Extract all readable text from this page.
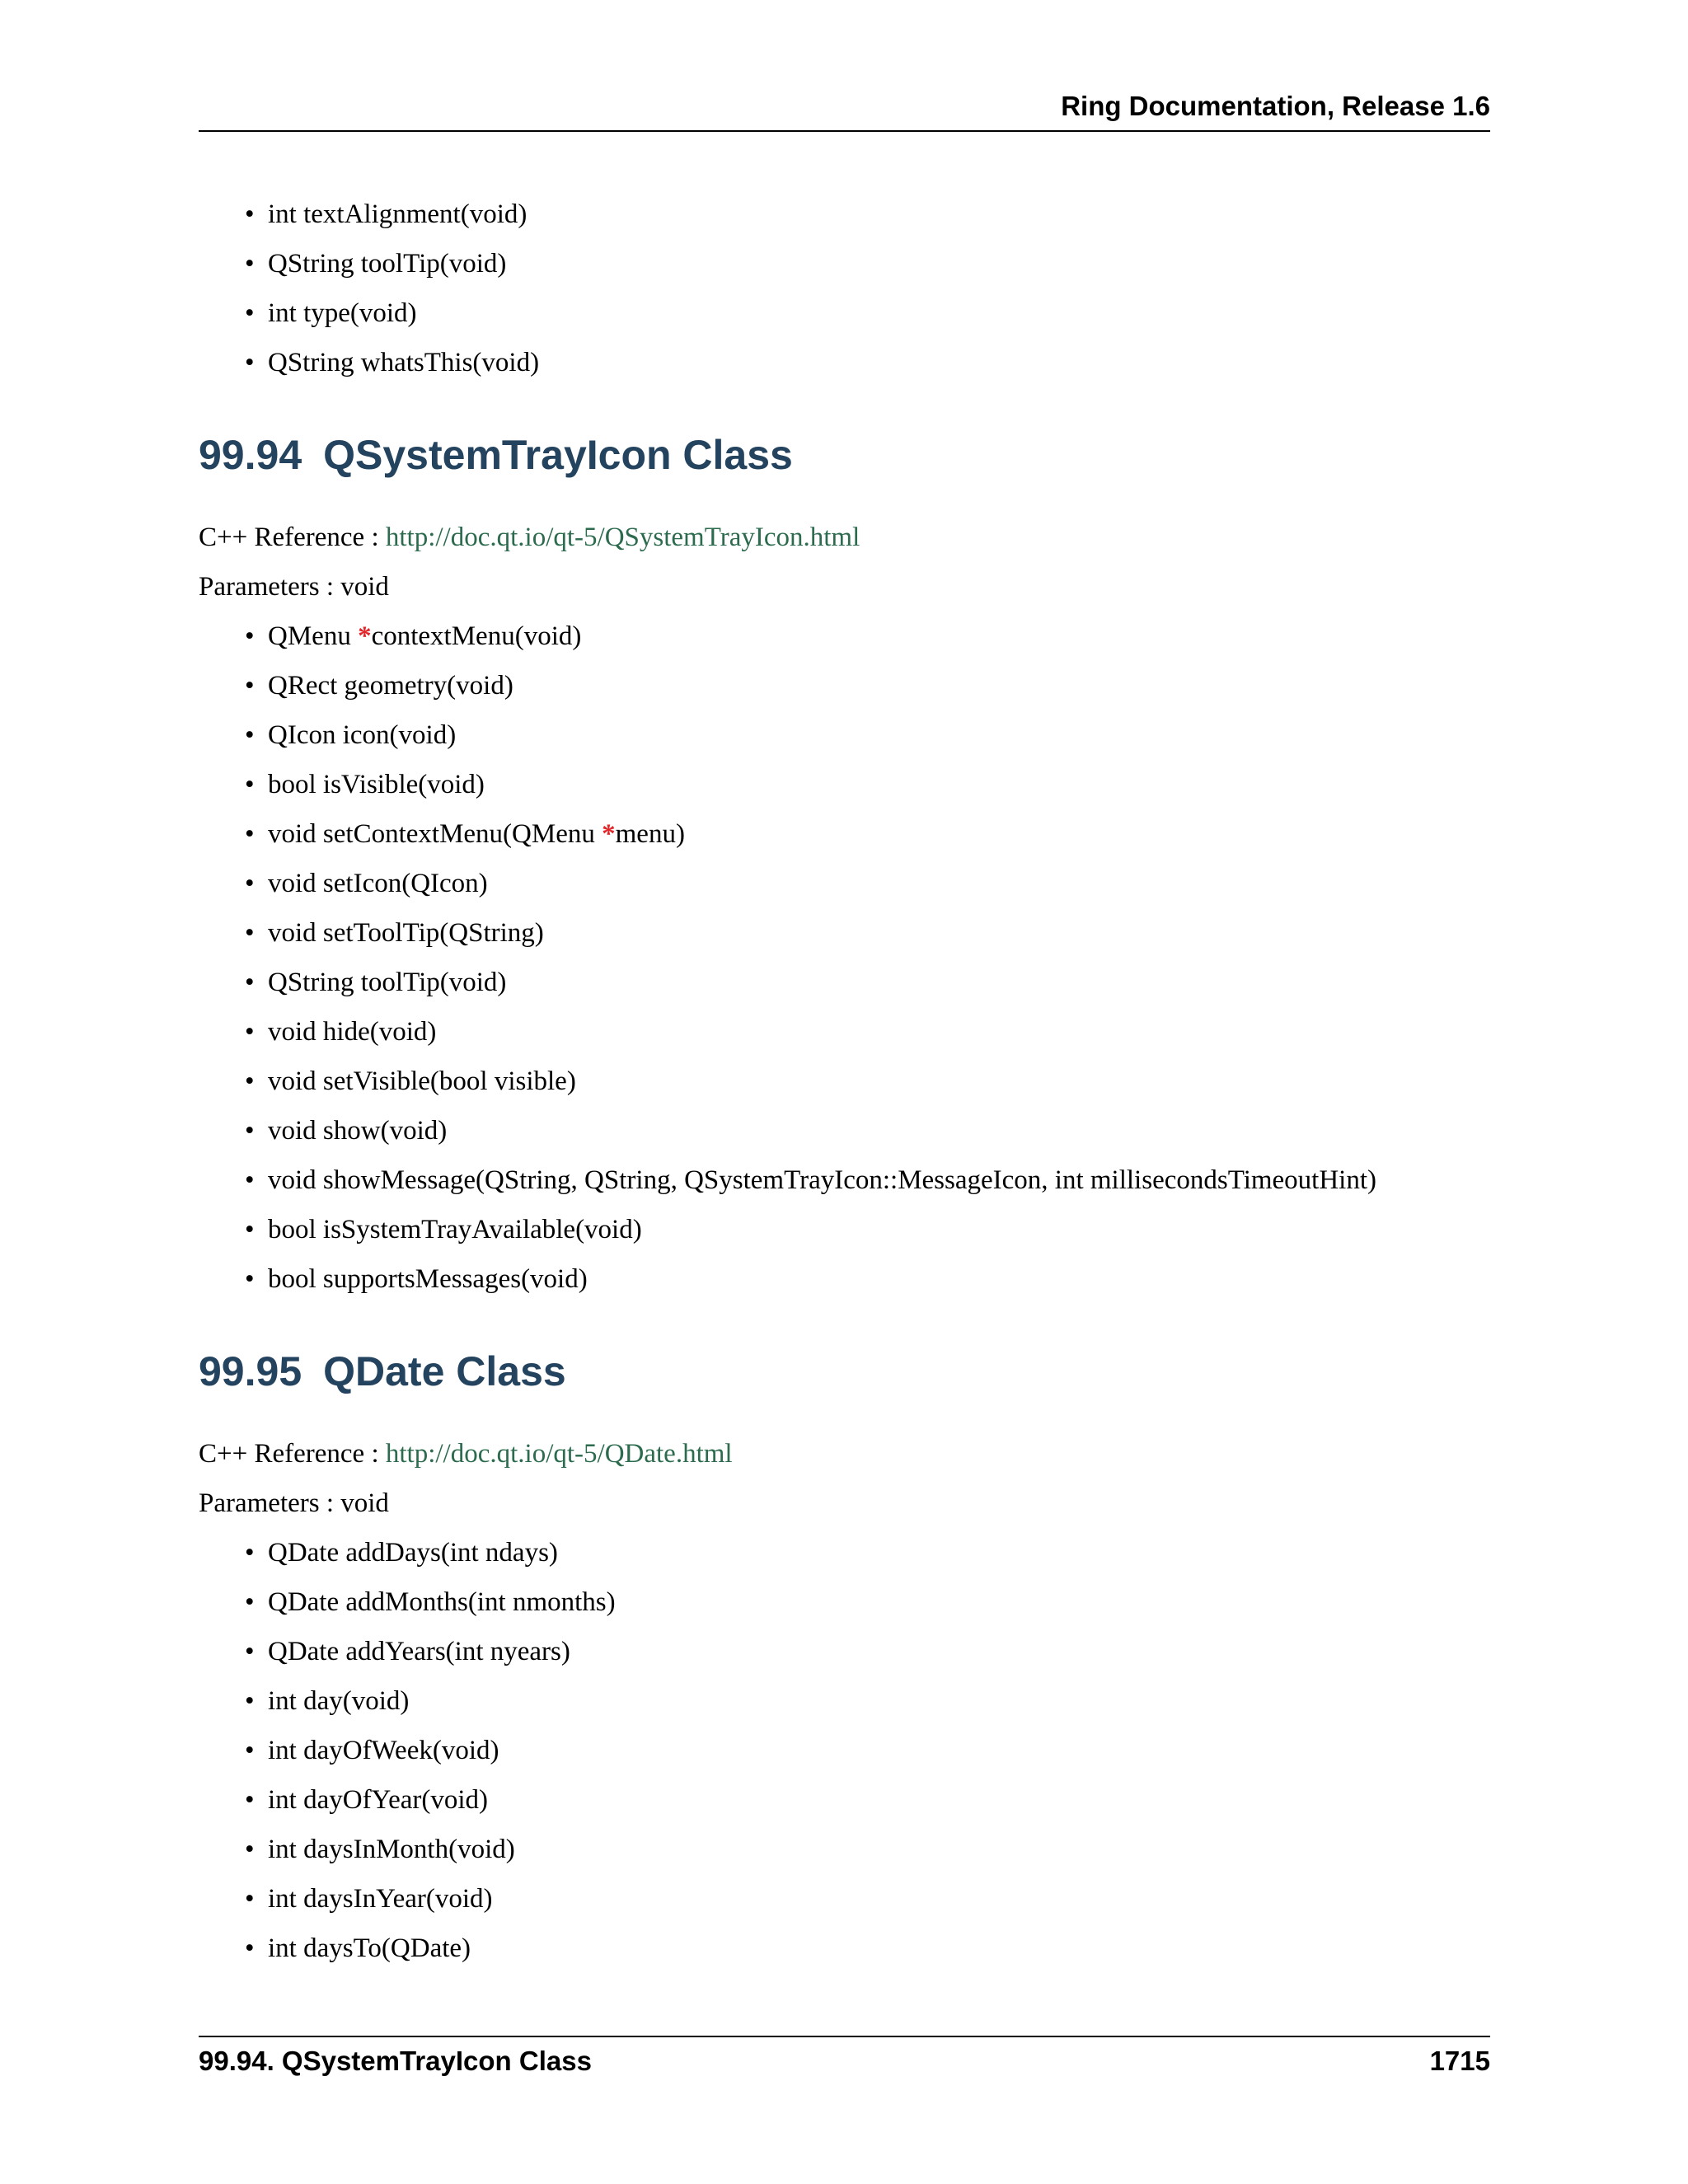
Ring Documentation, Release 1.6
• int textAlignment(void)
• QString toolTip(void)
• int type(void)
• QString whatsThis(void)
99.94 QSystemTrayIcon Class
C++ Reference : http://doc.qt.io/qt-5/QSystemTrayIcon.html
Parameters : void
• QMenu *contextMenu(void)
• QRect geometry(void)
• QIcon icon(void)
• bool isVisible(void)
• void setContextMenu(QMenu *menu)
• void setIcon(QIcon)
• void setToolTip(QString)
• QString toolTip(void)
• void hide(void)
• void setVisible(bool visible)
• void show(void)
• void showMessage(QString, QString, QSystemTrayIcon::MessageIcon, int millisecondsTimeoutHint)
• bool isSystemTrayAvailable(void)
• bool supportsMessages(void)
99.95 QDate Class
C++ Reference : http://doc.qt.io/qt-5/QDate.html
Parameters : void
• QDate addDays(int ndays)
• QDate addMonths(int nmonths)
• QDate addYears(int nyears)
• int day(void)
• int dayOfWeek(void)
• int dayOfYear(void)
• int daysInMonth(void)
• int daysInYear(void)
• int daysTo(QDate)
99.94. QSystemTrayIcon Class	1715
